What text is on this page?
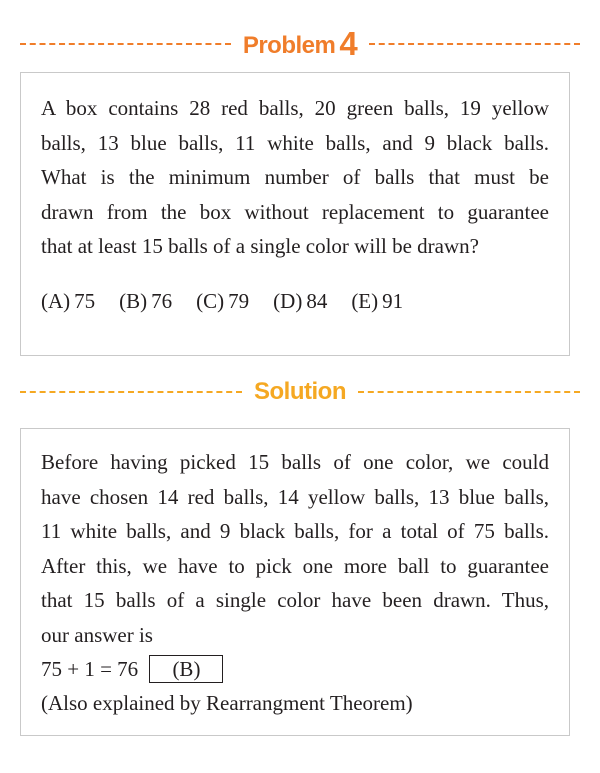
Problem 4

A box contains 28 red balls, 20 green balls, 19 yellow
balls, 13 blue balls, 11 white balls, and 9 black balls.
What is the minimum number of balls that must be
drawn from the box without replacement to guarantee
that at least 15 balls of a single color will be drawn?

(A) 75 (B) 76 (C) 79 (D) 84 (E) 91
Solution

Before having picked 15 balls of one color, we could
have chosen 14 red balls, 14 yellow balls, 13 blue balls,
11 white balls, and 9 black balls, for a total of 75 balls.
After this, we have to pick one more ball to guarantee
that 15 balls of a single color have been drawn. Thus,
our answer is

75 + 1 = 76 (B)
(Also explained by Rearrangment Theorem)
